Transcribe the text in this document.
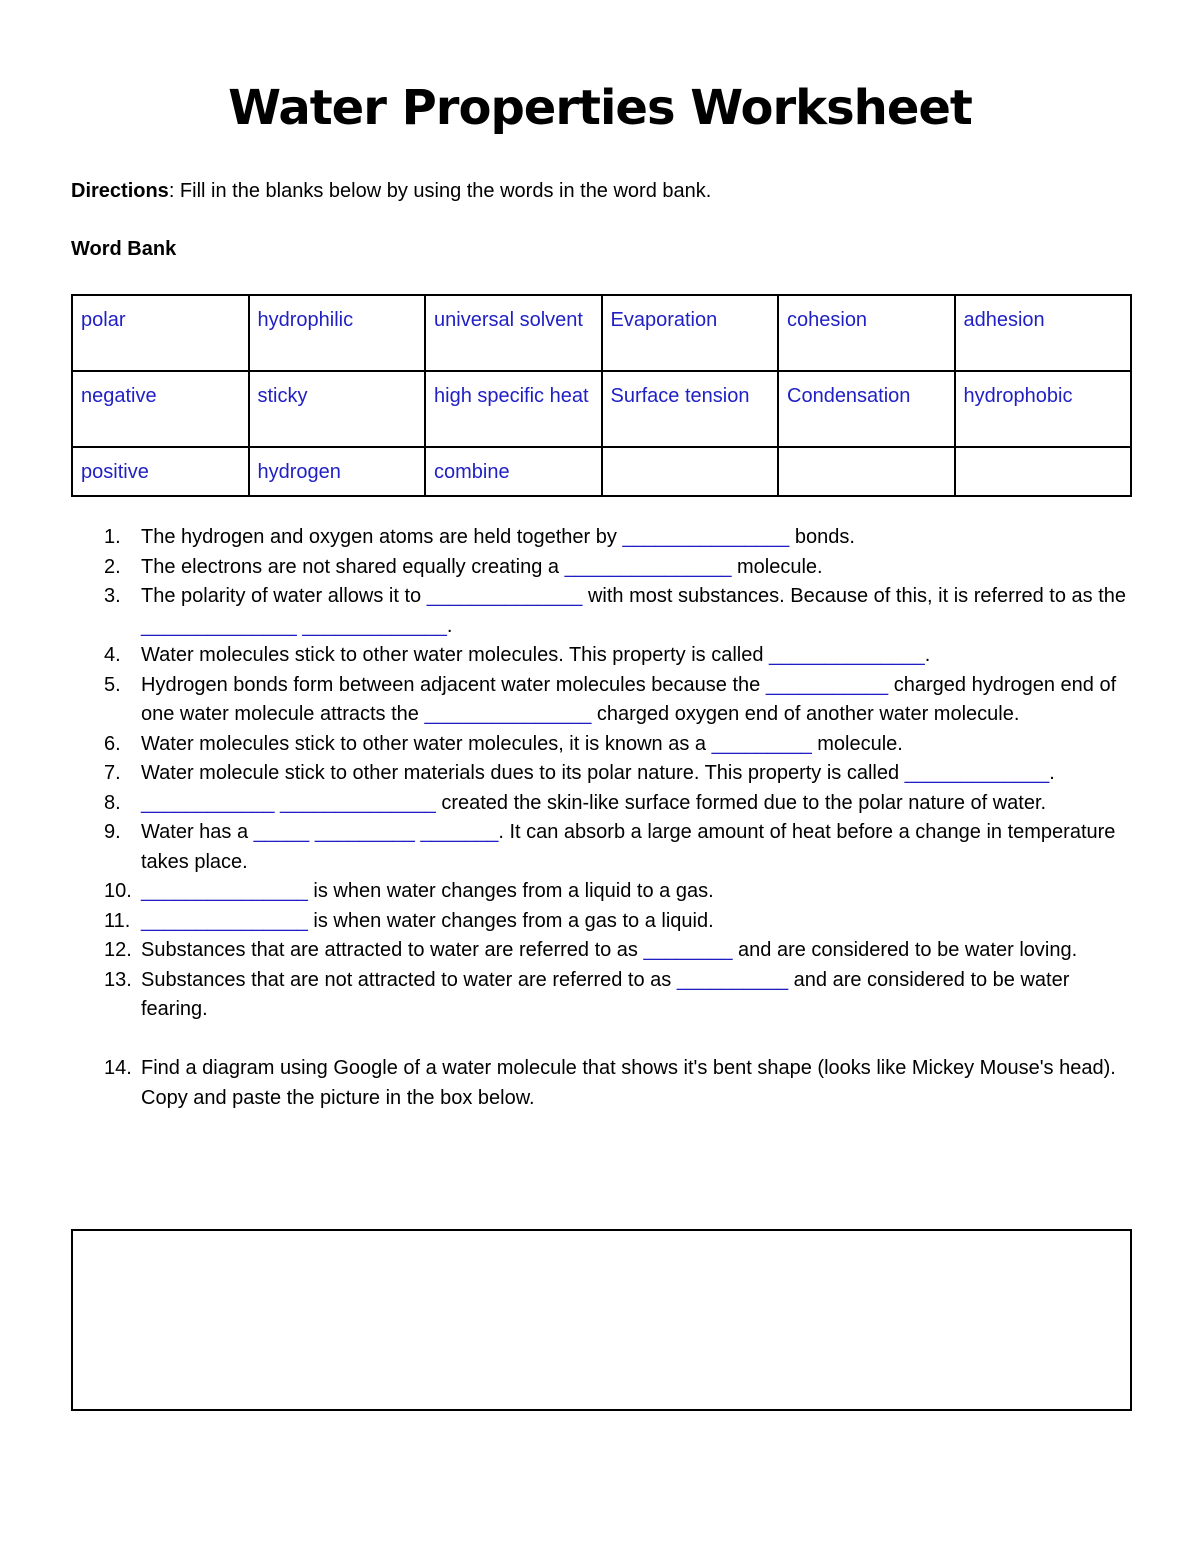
Water Properties Worksheet
Directions: Fill in the blanks below by using the words in the word bank.
Word Bank
polar	hydrophilic	universal solvent	Evaporation	cohesion	adhesion
negative	sticky	high specific heat	Surface tension	Condensation	hydrophobic
positive	hydrogen	combine			
1. The hydrogen and oxygen atoms are held together by _______________ bonds.
2. The electrons are not shared equally creating a _______________ molecule.
3. The polarity of water allows it to ______________ with most substances. Because of this, it is referred to as the ______________ _____________.
4. Water molecules stick to other water molecules. This property is called ______________.
5. Hydrogen bonds form between adjacent water molecules because the ___________ charged hydrogen end of one water molecule attracts the _______________ charged oxygen end of another water molecule.
6. Water molecules stick to other water molecules, it is known as a _________ molecule.
7. Water molecule stick to other materials dues to its polar nature. This property is called _____________.
8. ____________ ______________ created the skin-like surface formed due to the polar nature of water.
9. Water has a _____ _________ _______. It can absorb a large amount of heat before a change in temperature takes place.
10. _______________ is when water changes from a liquid to a gas.
11. _______________ is when water changes from a gas to a liquid.
12. Substances that are attracted to water are referred to as ________ and are considered to be water loving.
13. Substances that are not attracted to water are referred to as __________ and are considered to be water fearing.
14. Find a diagram using Google of a water molecule that shows it's bent shape (looks like Mickey Mouse's head). Copy and paste the picture in the box below.
